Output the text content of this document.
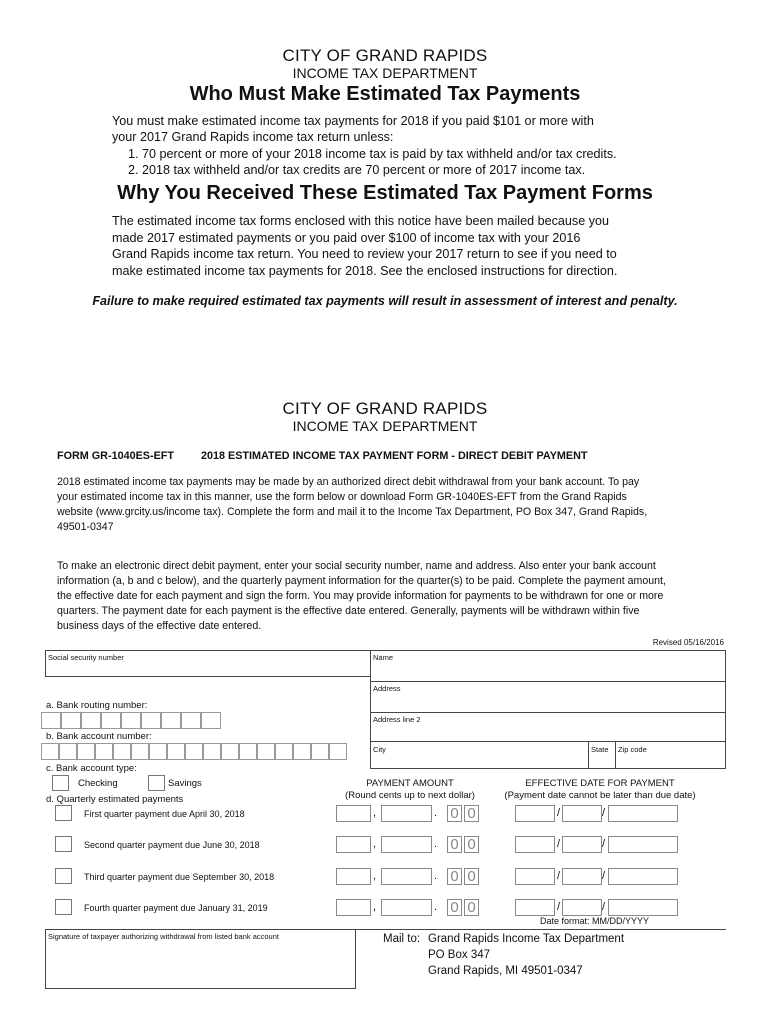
CITY OF GRAND RAPIDS
INCOME TAX DEPARTMENT
Who Must Make Estimated Tax Payments
You must make estimated income tax payments for 2018 if you paid $101 or more with
your 2017 Grand Rapids income tax return unless:
1. 70 percent or more of your 2018 income tax is paid by tax withheld and/or tax credits.
2. 2018 tax withheld and/or tax credits are 70 percent or more of 2017 income tax.
Why You Received These Estimated Tax Payment Forms
The estimated income tax forms enclosed with this notice have been mailed because you
made 2017 estimated payments or you paid over $100 of income tax with your 2016
Grand Rapids income tax return. You need to review your 2017 return to see if you need to
make estimated income tax payments for 2018. See the enclosed instructions for direction.
Failure to make required estimated tax payments will result in assessment of interest and penalty.
CITY OF GRAND RAPIDS
INCOME TAX DEPARTMENT
FORM GR-1040ES-EFT	2018 ESTIMATED INCOME TAX PAYMENT FORM - DIRECT DEBIT PAYMENT
2018 estimated income tax payments may be made by an authorized direct debit withdrawal from your bank account. To pay
your estimated income tax in this manner, use the form below or download Form GR-1040ES-EFT from the Grand Rapids
website (www.grcity.us/income tax). Complete the form and mail it to the Income Tax Department, PO Box 347, Grand Rapids,
49501-0347
To make an electronic direct debit payment, enter your social security number, name and address. Also enter your bank account
information (a, b and c below), and the quarterly payment information for the quarter(s) to be paid. Complete the payment amount,
the effective date for each payment and sign the form. You may provide information for payments to be withdrawn for one or more
quarters. The payment date for each payment is the effective date entered. Generally, payments will be withdrawn within five
business days of the effective date entered.
Revised 05/16/2016
Social security number	Name
Address
Address line 2
City	State Zip code
a. Bank routing number:
b. Bank account number:
c. Bank account type:
Checking	Savings
d. Quarterly estimated payments
PAYMENT AMOUNT
(Round cents up to next dollar)
EFFECTIVE DATE FOR PAYMENT
(Payment date cannot be later than due date)
First quarter payment due April 30, 2018	,	. 0 0	/	/
Second quarter payment due June 30, 2018	,	. 0 0	/	/
Third quarter payment due September 30, 2018	,	. 0 0	/	/
Fourth quarter payment due January 31, 2019	,	. 0 0	/	/
Date format: MM/DD/YYYY
Signature of taxpayer authorizing withdrawal from listed bank account	Mail to: Grand Rapids Income Tax Department
PO Box 347
Grand Rapids, MI 49501-0347
